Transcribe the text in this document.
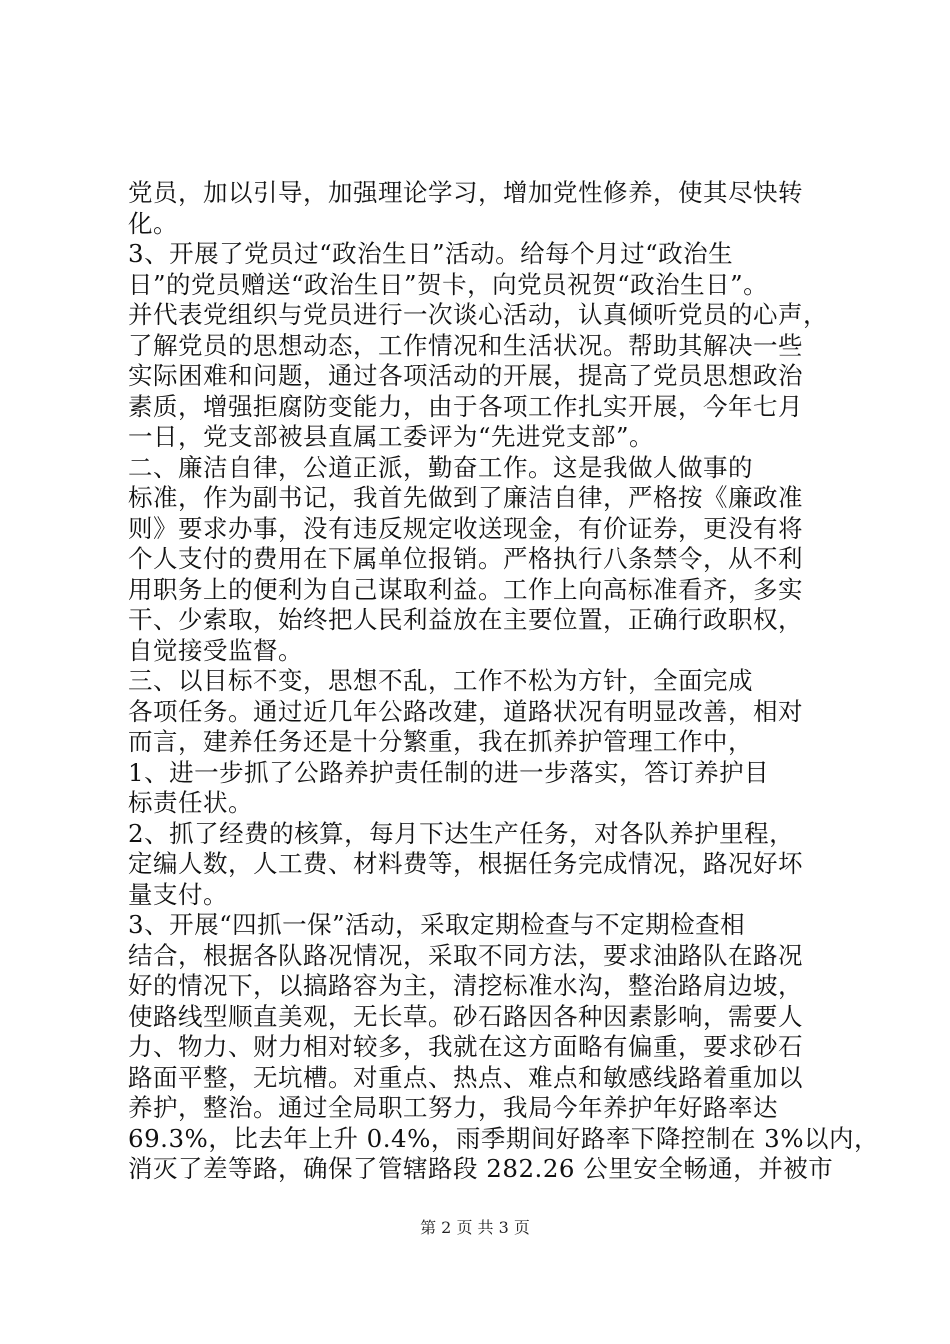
党员，加以引导，加强理论学习，增加党性修养，使其尽快转
化。
3、开展了党员过“政治生日”活动。给每个月过“政治生
日”的党员赠送“政治生日”贺卡，向党员祝贺“政治生日”。
并代表党组织与党员进行一次谈心活动，认真倾听党员的心声，
了解党员的思想动态，工作情况和生活状况。帮助其解决一些
实际困难和问题，通过各项活动的开展，提高了党员思想政治
素质，增强拒腐防变能力，由于各项工作扎实开展，今年七月
一日，党支部被县直属工委评为“先进党支部”。
二、廉洁自律，公道正派，勤奋工作。这是我做人做事的
标准，作为副书记，我首先做到了廉洁自律，严格按《廉政准
则》要求办事，没有违反规定收送现金，有价证券，更没有将
个人支付的费用在下属单位报销。严格执行八条禁令，从不利
用职务上的便利为自己谋取利益。工作上向高标准看齐，多实
干、少索取，始终把人民利益放在主要位置，正确行政职权，
自觉接受监督。
三、以目标不变，思想不乱，工作不松为方针，全面完成
各项任务。通过近几年公路改建，道路状况有明显改善，相对
而言，建养任务还是十分繁重，我在抓养护管理工作中，
1、进一步抓了公路养护责任制的进一步落实，答订养护目
标责任状。
2、抓了经费的核算，每月下达生产任务，对各队养护里程，
定编人数，人工费、材料费等，根据任务完成情况，路况好坏
量支付。
3、开展“四抓一保”活动，采取定期检查与不定期检查相
结合，根据各队路况情况，采取不同方法，要求油路队在路况
好的情况下，以搞路容为主，清挖标准水沟，整治路肩边坡，
使路线型顺直美观，无长草。砂石路因各种因素影响，需要人
力、物力、财力相对较多，我就在这方面略有偏重，要求砂石
路面平整，无坑槽。对重点、热点、难点和敏感线路着重加以
养护，整治。通过全局职工努力，我局今年养护年好路率达
69.3%，比去年上升 0.4%，雨季期间好路率下降控制在 3%以内，
消灭了差等路，确保了管辖路段 282.26 公里安全畅通，并被市
第 2 页 共 3 页
